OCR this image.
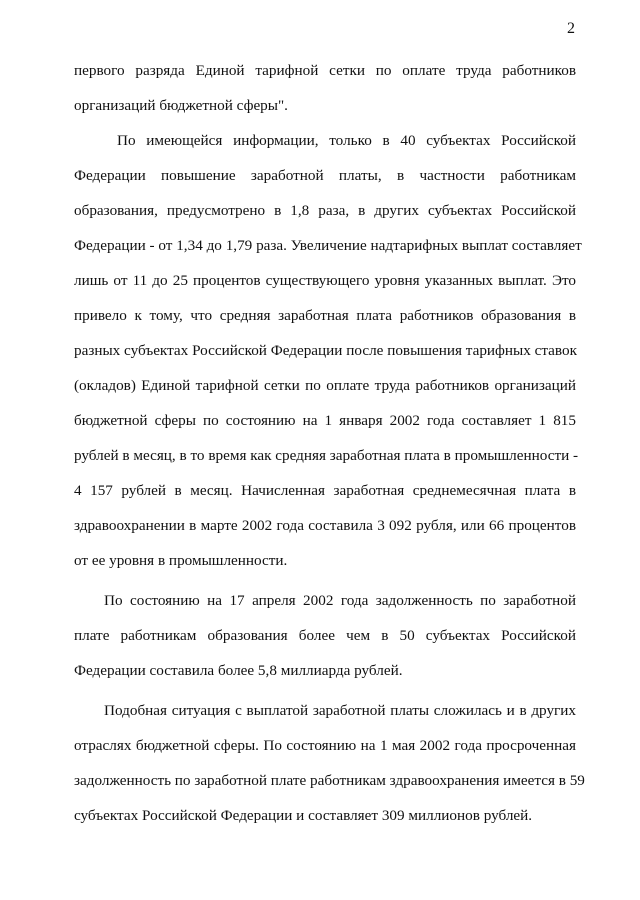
2
первого разряда Единой тарифной сетки по оплате труда работников
организаций бюджетной сферы".
По имеющейся информации, только в 40 субъектах Российской
Федерации повышение заработной платы, в частности работникам
образования, предусмотрено в 1,8 раза, в других субъектах Российской
Федерации - от 1,34 до 1,79 раза. Увеличение надтарифных выплат составляет
лишь от 11 до 25 процентов существующего уровня указанных выплат. Это
привело к тому, что средняя заработная плата работников образования в
разных субъектах Российской Федерации после повышения тарифных ставок
(окладов) Единой тарифной сетки по оплате труда работников организаций
бюджетной сферы по состоянию на 1 января 2002 года составляет 1 815
рублей в месяц, в то время как средняя заработная плата в промышленности -
4 157 рублей в месяц. Начисленная заработная среднемесячная плата в
здравоохранении в марте 2002 года составила 3 092 рубля, или 66 процентов
от ее уровня в промышленности.
По состоянию на 17 апреля 2002 года задолженность по заработной
плате работникам образования более чем в 50 субъектах Российской
Федерации составила более 5,8 миллиарда рублей.
Подобная ситуация с выплатой заработной платы сложилась и в других
отраслях бюджетной сферы. По состоянию на 1 мая 2002 года просроченная
задолженность по заработной плате работникам здравоохранения имеется в 59
субъектах Российской Федерации и составляет 309 миллионов рублей.
